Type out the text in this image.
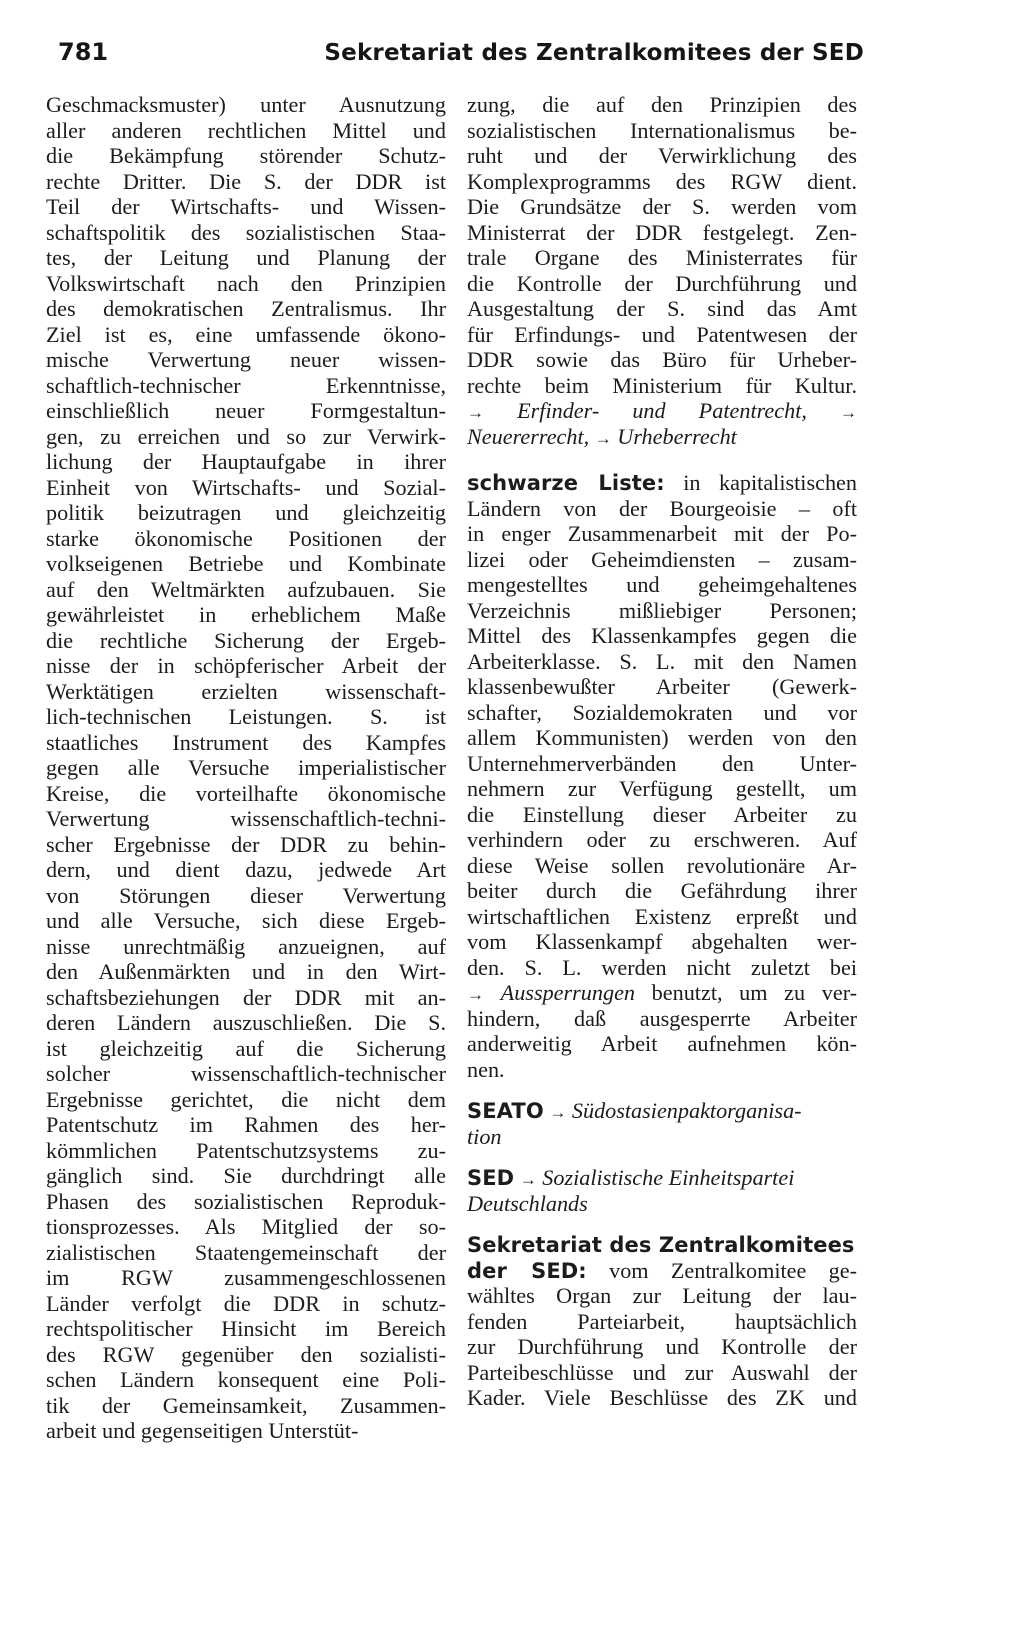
781	Sekretariat des Zentralkomitees der SED
Geschmacksmuster) unter Ausnutzung
aller anderen rechtlichen Mittel und
die Bekämpfung störender Schutz-
rechte Dritter. Die S. der DDR ist
Teil der Wirtschafts- und Wissen-
schaftspolitik des sozialistischen Staa-
tes, der Leitung und Planung der
Volkswirtschaft nach den Prinzipien
des demokratischen Zentralismus. Ihr
Ziel ist es, eine umfassende ökono-
mische Verwertung neuer wissen-
schaftlich-technischer Erkenntnisse,
einschließlich neuer Formgestaltun-
gen, zu erreichen und so zur Verwirk-
lichung der Hauptaufgabe in ihrer
Einheit von Wirtschafts- und Sozial-
politik beizutragen und gleichzeitig
starke ökonomische Positionen der
volkseigenen Betriebe und Kombinate
auf den Weltmärkten aufzubauen. Sie
gewährleistet in erheblichem Maße
die rechtliche Sicherung der Ergeb-
nisse der in schöpferischer Arbeit der
Werktätigen erzielten wissenschaft-
lich-technischen Leistungen. S. ist
staatliches Instrument des Kampfes
gegen alle Versuche imperialistischer
Kreise, die vorteilhafte ökonomische
Verwertung wissenschaftlich-techni-
scher Ergebnisse der DDR zu behin-
dern, und dient dazu, jedwede Art
von Störungen dieser Verwertung
und alle Versuche, sich diese Ergeb-
nisse unrechtmäßig anzueignen, auf
den Außenmärkten und in den Wirt-
schaftsbeziehungen der DDR mit an-
deren Ländern auszuschließen. Die S.
ist gleichzeitig auf die Sicherung
solcher wissenschaftlich-technischer
Ergebnisse gerichtet, die nicht dem
Patentschutz im Rahmen des her-
kömmlichen Patentschutzsystems zu-
gänglich sind. Sie durchdringt alle
Phasen des sozialistischen Reproduk-
tionsprozesses. Als Mitglied der so-
zialistischen Staatengemeinschaft der
im RGW zusammengeschlossenen
Länder verfolgt die DDR in schutz-
rechtspolitischer Hinsicht im Bereich
des RGW gegenüber den sozialisti-
schen Ländern konsequent eine Poli-
tik der Gemeinsamkeit, Zusammen-
arbeit und gegenseitigen Unterstüt-
zung, die auf den Prinzipien des
sozialistischen Internationalismus be-
ruht und der Verwirklichung des
Komplexprogramms des RGW dient.
Die Grundsätze der S. werden vom
Ministerrat der DDR festgelegt. Zen-
trale Organe des Ministerrates für
die Kontrolle der Durchführung und
Ausgestaltung der S. sind das Amt
für Erfindungs- und Patentwesen der
DDR sowie das Büro für Urheber-
rechte beim Ministerium für Kultur.
→ Erfinder- und Patentrecht, →
Neuererrecht, → Urheberrecht
schwarze Liste: in kapitalistischen
Ländern von der Bourgeoisie – oft
in enger Zusammenarbeit mit der Po-
lizei oder Geheimdiensten – zusam-
mengestelltes und geheimgehaltenes
Verzeichnis mißliebiger Personen;
Mittel des Klassenkampfes gegen die
Arbeiterklasse. S. L. mit den Namen
klassenbewußter Arbeiter (Gewerk-
schafter, Sozialdemokraten und vor
allem Kommunisten) werden von den
Unternehmerverbänden den Unter-
nehmern zur Verfügung gestellt, um
die Einstellung dieser Arbeiter zu
verhindern oder zu erschweren. Auf
diese Weise sollen revolutionäre Ar-
beiter durch die Gefährdung ihrer
wirtschaftlichen Existenz erpreßt und
vom Klassenkampf abgehalten wer-
den. S. L. werden nicht zuletzt bei
→ Aussperrungen benutzt, um zu ver-
hindern, daß ausgesperrte Arbeiter
anderweitig Arbeit aufnehmen kön-
nen.
SEATO → Südostasienpaktorganisa-
tion
SED → Sozialistische Einheitspartei
Deutschlands
Sekretariat des Zentralkomitees
der SED: vom Zentralkomitee ge-
wähltes Organ zur Leitung der lau-
fenden Parteiarbeit, hauptsächlich
zur Durchführung und Kontrolle der
Parteibeschlüsse und zur Auswahl der
Kader. Viele Beschlüsse des ZK und
